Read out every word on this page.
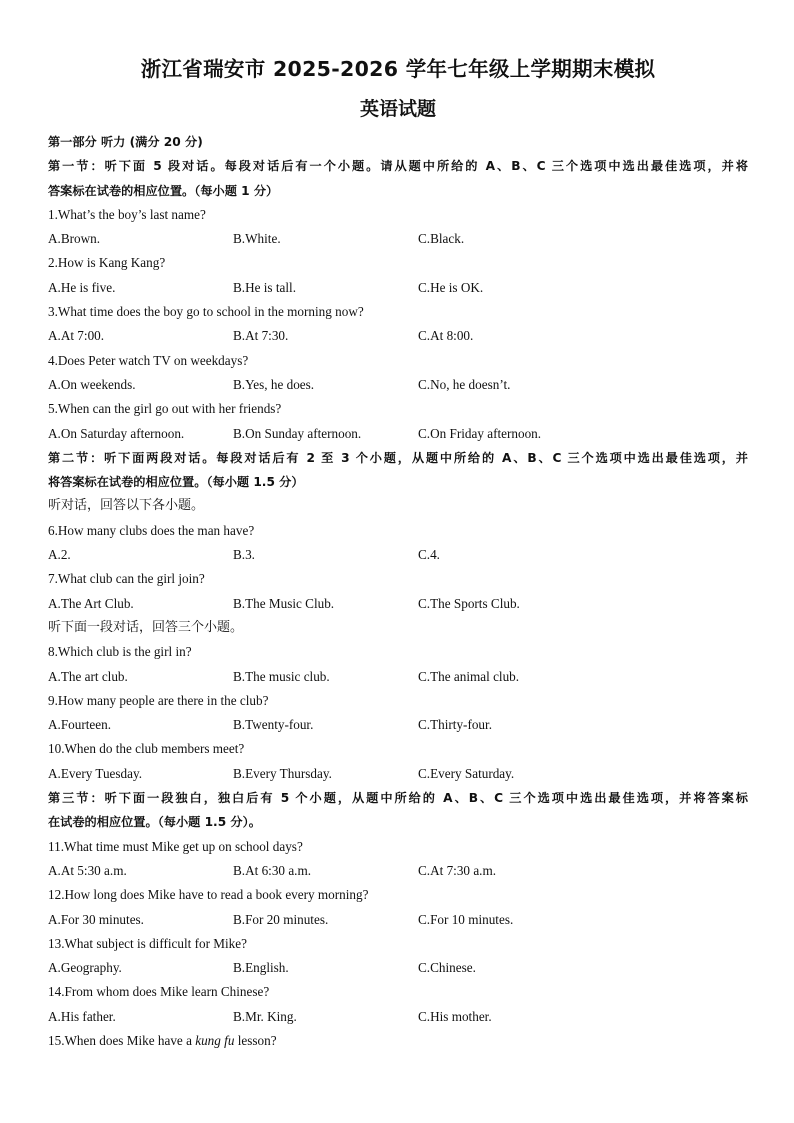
浙江省瑞安市 2025-2026 学年七年级上学期期末模拟
英语试题
第一部分 听力 (满分 20 分)
第一节：听下面 5 段对话。每段对话后有一个小题。请从题中所给的 A、B、C 三个选项中选出最佳选项，并将
答案标在试卷的相应位置。（每小题 1 分）
1.What’s the boy’s last name?
A.Brown.	B.White.	C.Black.
2.How is Kang Kang?
A.He is five.	B.He is tall.	C.He is OK.
3.What time does the boy go to school in the morning now?
A.At 7:00.	B.At 7:30.	C.At 8:00.
4.Does Peter watch TV on weekdays?
A.On weekends.	B.Yes, he does.	C.No, he doesn’t.
5.When can the girl go out with her friends?
A.On Saturday afternoon.	B.On Sunday afternoon.	C.On Friday afternoon.
第二节：听下面两段对话。每段对话后有 2 至 3 个小题，从题中所给的 A、B、C 三个选项中选出最佳选项，并
将答案标在试卷的相应位置。（每小题 1.5 分）
听对话，回答以下各小题。
6.How many clubs does the man have?
A.2.	B.3.	C.4.
7.What club can the girl join?
A.The Art Club.	B.The Music Club.	C.The Sports Club.
听下面一段对话，回答三个小题。
8.Which club is the girl in?
A.The art club.	B.The music club.	C.The animal club.
9.How many people are there in the club?
A.Fourteen.	B.Twenty-four.	C.Thirty-four.
10.When do the club members meet?
A.Every Tuesday.	B.Every Thursday.	C.Every Saturday.
第三节：听下面一段独白，独白后有 5 个小题，从题中所给的 A、B、C 三个选项中选出最佳选项，并将答案标
在试卷的相应位置。（每小题 1.5 分）。
11.What time must Mike get up on school days?
A.At 5:30 a.m.	B.At 6:30 a.m.	C.At 7:30 a.m.
12.How long does Mike have to read a book every morning?
A.For 30 minutes.	B.For 20 minutes.	C.For 10 minutes.
13.What subject is difficult for Mike?
A.Geography.	B.English.	C.Chinese.
14.From whom does Mike learn Chinese?
A.His father.	B.Mr. King.	C.His mother.
15.When does Mike have a kung fu lesson?
